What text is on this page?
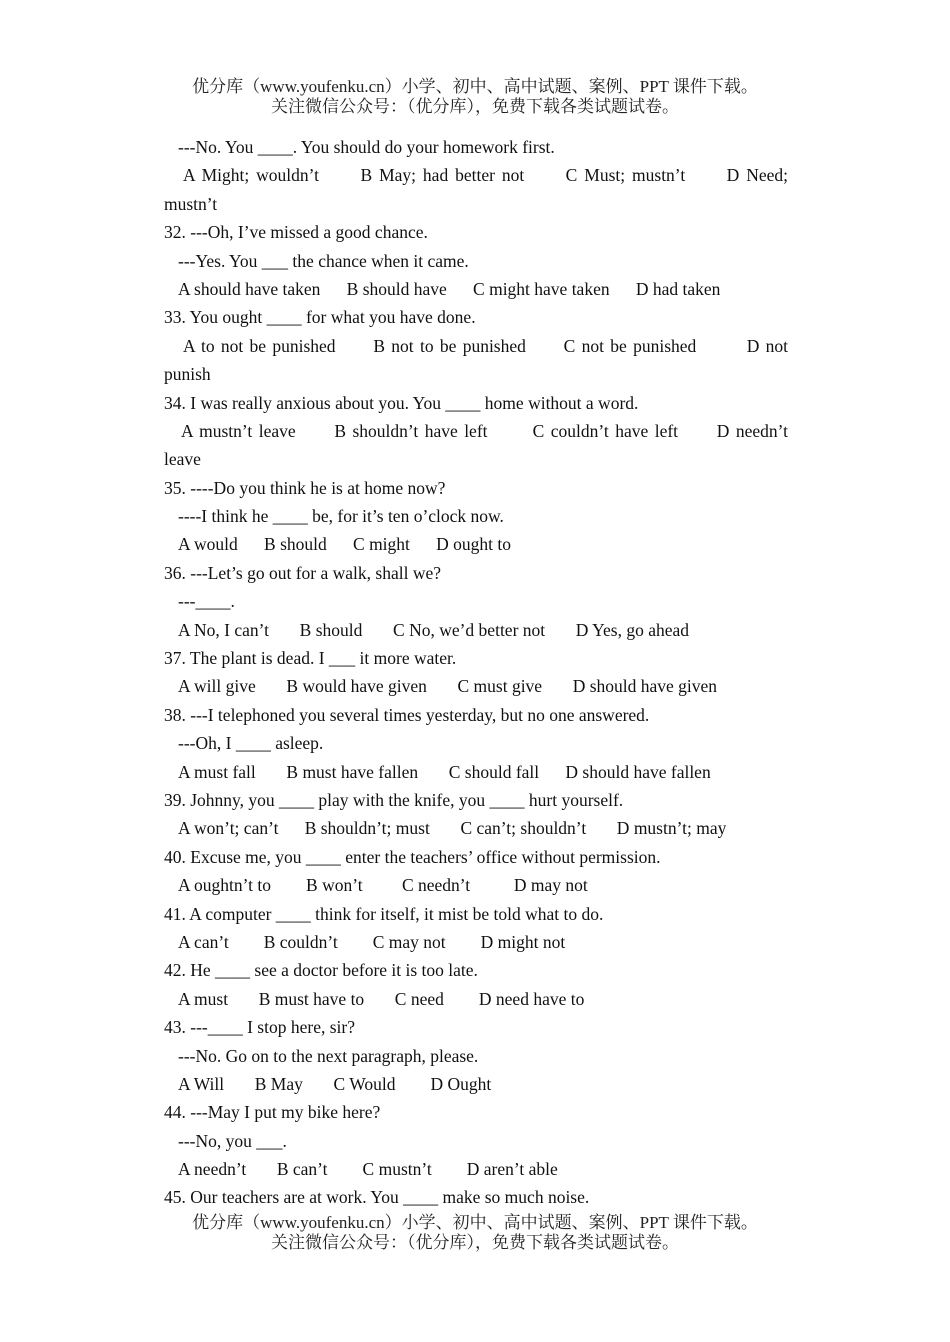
优分库（www.youfenku.cn）小学、初中、高中试题、案例、PPT 课件下载。
关注微信公众号：（优分库），免费下载各类试题试卷。
---No. You ____. You should do your homework first.
A Might; wouldn’t      B May; had better not      C Must; mustn’t      D Need;
mustn’t
32. ---Oh, I’ve missed a good chance.
---Yes. You ___ the chance when it came.
A should have taken      B should have      C might have taken      D had taken
33. You ought ____ for what you have done.
A to not be punished      B not to be punished      C not be punished        D not
punish
34. I was really anxious about you. You ____ home without a word.
A mustn’t leave      B shouldn’t have left       C couldn’t have left      D needn’t
leave
35. ----Do you think he is at home now?
----I think he ____ be, for it’s ten o’clock now.
A would      B should      C might      D ought to
36. ---Let’s go out for a walk, shall we?
---____.
A No, I can’t       B should       C No, we’d better not       D Yes, go ahead
37. The plant is dead. I ___ it more water.
A will give       B would have given       C must give       D should have given
38. ---I telephoned you several times yesterday, but no one answered.
---Oh, I ____ asleep.
A must fall       B must have fallen       C should fall      D should have fallen
39. Johnny, you ____ play with the knife, you ____ hurt yourself.
A won’t; can’t      B shouldn’t; must       C can’t; shouldn’t       D mustn’t; may
40. Excuse me, you ____ enter the teachers’ office without permission.
A oughtn’t to        B won’t         C needn’t          D may not
41. A computer ____ think for itself, it mist be told what to do.
A can’t        B couldn’t        C may not        D might not
42. He ____ see a doctor before it is too late.
A must       B must have to       C need        D need have to
43. ---____ I stop here, sir?
---No. Go on to the next paragraph, please.
A Will       B May       C Would        D Ought
44. ---May I put my bike here?
---No, you ___.
A needn’t       B can’t        C mustn’t        D aren’t able
45. Our teachers are at work. You ____ make so much noise.
优分库（www.youfenku.cn）小学、初中、高中试题、案例、PPT 课件下载。
关注微信公众号：（优分库），免费下载各类试题试卷。
